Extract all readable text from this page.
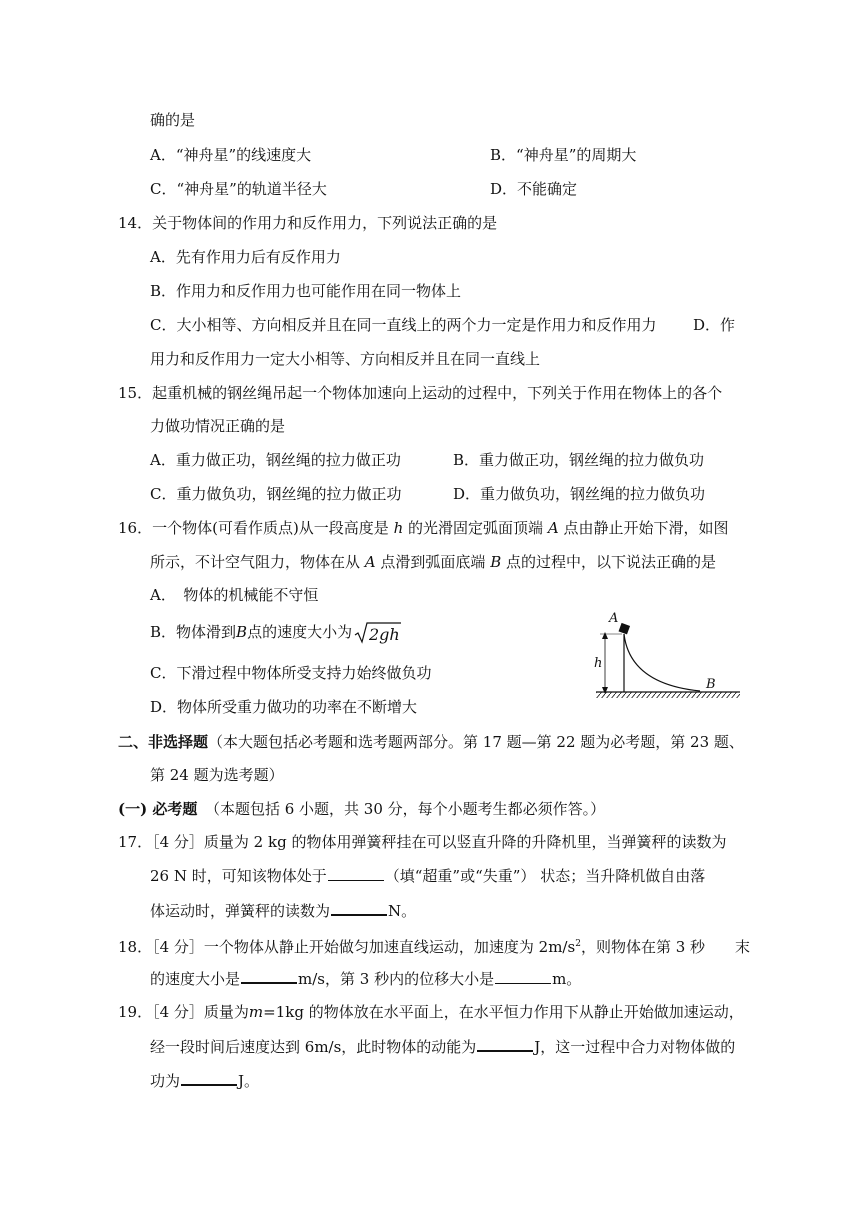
确的是
A．“神舟星”的线速度大	B．“神舟星”的周期大
C．“神舟星”的轨道半径大	D．不能确定
14．关于物体间的作用力和反作用力，下列说法正确的是
A．先有作用力后有反作用力
B．作用力和反作用力也可能作用在同一物体上
C．大小相等、方向相反并且在同一直线上的两个力一定是作用力和反作用力 D．作
用力和反作用力一定大小相等、方向相反并且在同一直线上
15．起重机械的钢丝绳吊起一个物体加速向上运动的过程中，下列关于作用在物体上的各个
力做功情况正确的是
A．重力做正功，钢丝绳的拉力做正功	B．重力做正功，钢丝绳的拉力做负功
C．重力做负功，钢丝绳的拉力做正功	D．重力做负功，钢丝绳的拉力做负功
16．一个物体(可看作质点)从一段高度是 h 的光滑固定弧面顶端 A 点由静止开始下滑，如图
所示，不计空气阻力，物体在从 A 点滑到弧面底端 B 点的过程中，以下说法正确的是
A．　物体的机械能不守恒
B．物体滑到B点的速度大小为 2gh
C．下滑过程中物体所受支持力始终做负功
D．物体所受重力做功的功率在不断增大
A
h
B
二、非选择题（本大题包括必考题和选考题两部分。第 17 题—第 22 题为必考题，第 23 题、
第 24 题为选考题）
(一) 必考题　 （本题包括 6 小题，共 30 分，每个小题考生都必须作答。）
17．［4 分］质量为 2 kg 的物体用弹簧秤挂在可以竖直升降的升降机里，当弹簧秤的读数为
26 N 时，可知该物体处于	（填“超重”或“失重”） 状态；当升降机做自由落
体运动时，弹簧秤的读数为	N。
18．［4 分］一个物体从静止开始做匀加速直线运动，加速度为 $2m/s^2$，则物体在第 3 秒　　末
的速度大小是	m/s，第 3 秒内的位移大小是	m。
19．［4 分］质量为m=1kg 的物体放在水平面上，在水平恒力作用下从静止开始做加速运动，
经一段时间后速度达到 6m/s，此时物体的动能为	J，这一过程中合力对物体做的
功为	J。
